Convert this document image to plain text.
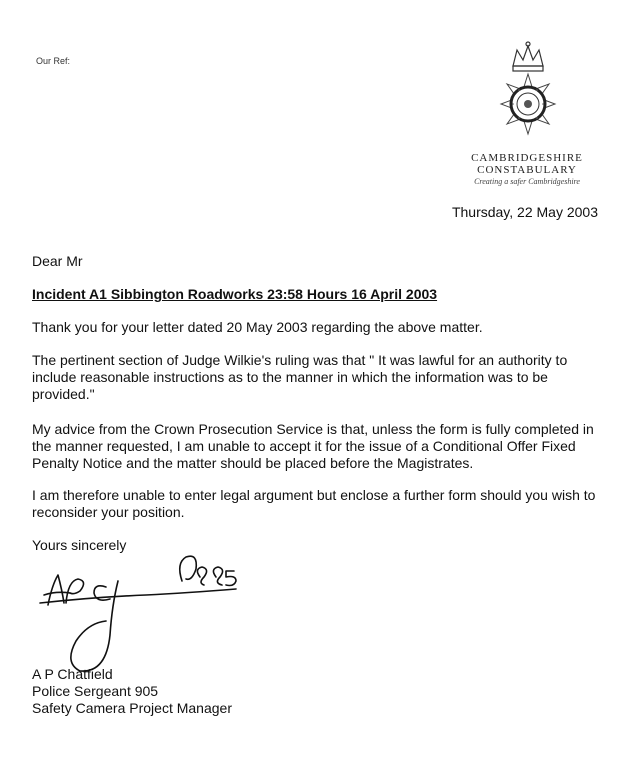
Our Ref:
CAMBRIDGESHIRE
CONSTABULARY
Creating a safer Cambridgeshire
Thursday, 22 May 2003
Dear Mr
Incident A1 Sibbington Roadworks 23:58 Hours 16 April 2003
Thank you for your letter dated 20 May 2003 regarding the above matter.
The pertinent section of Judge Wilkie's ruling was that " It was lawful for an authority to include reasonable instructions as to the manner in which the information was to be provided."
My advice from the Crown Prosecution Service is that, unless the form is fully completed in the manner requested, I am unable to accept it for the issue of a Conditional Offer Fixed Penalty Notice and the matter should be placed before the Magistrates.
I am therefore unable to enter legal argument but enclose a further form should you wish to reconsider your position.
Yours sincerely
A P Chatfield
Police Sergeant 905
Safety Camera Project Manager
